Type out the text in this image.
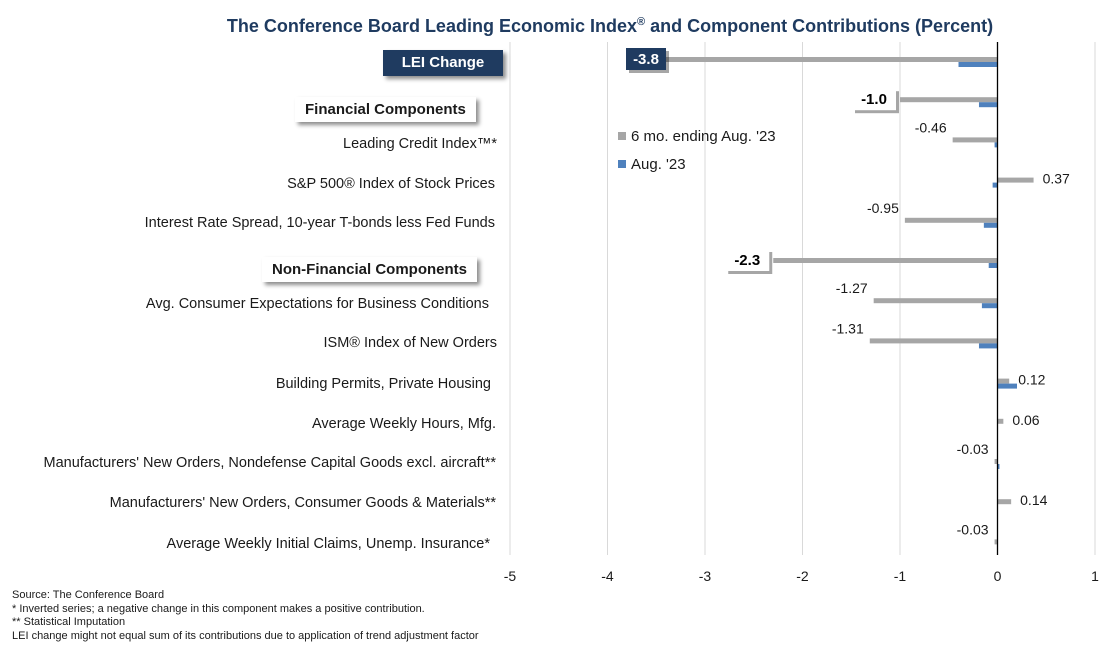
The Conference Board Leading Economic Index® and Component Contributions (Percent)
-5	-4	-3	-2	-1	0	1
-3.8
-1.0
-0.46
0.37
-0.95
-2.3
-1.27
-1.31
0.12
0.06
-0.03
0.14
-0.03
LEI Change
Financial Components
Non-Financial Components
Leading Credit Index™*
S&P 500® Index of Stock Prices
Interest Rate Spread, 10-year T-bonds less Fed Funds
Avg. Consumer Expectations for Business Conditions
ISM® Index of New Orders
Building Permits, Private Housing
Average Weekly Hours, Mfg.
Manufacturers' New Orders, Nondefense Capital Goods excl. aircraft**
Manufacturers' New Orders, Consumer Goods & Materials**
Average Weekly Initial Claims, Unemp. Insurance*
6 mo. ending Aug. '23
Aug. '23
Source: The Conference Board
* Inverted series; a negative change in this component makes a positive contribution.
** Statistical Imputation
LEI change might not equal sum of its contributions due to application of trend adjustment factor
